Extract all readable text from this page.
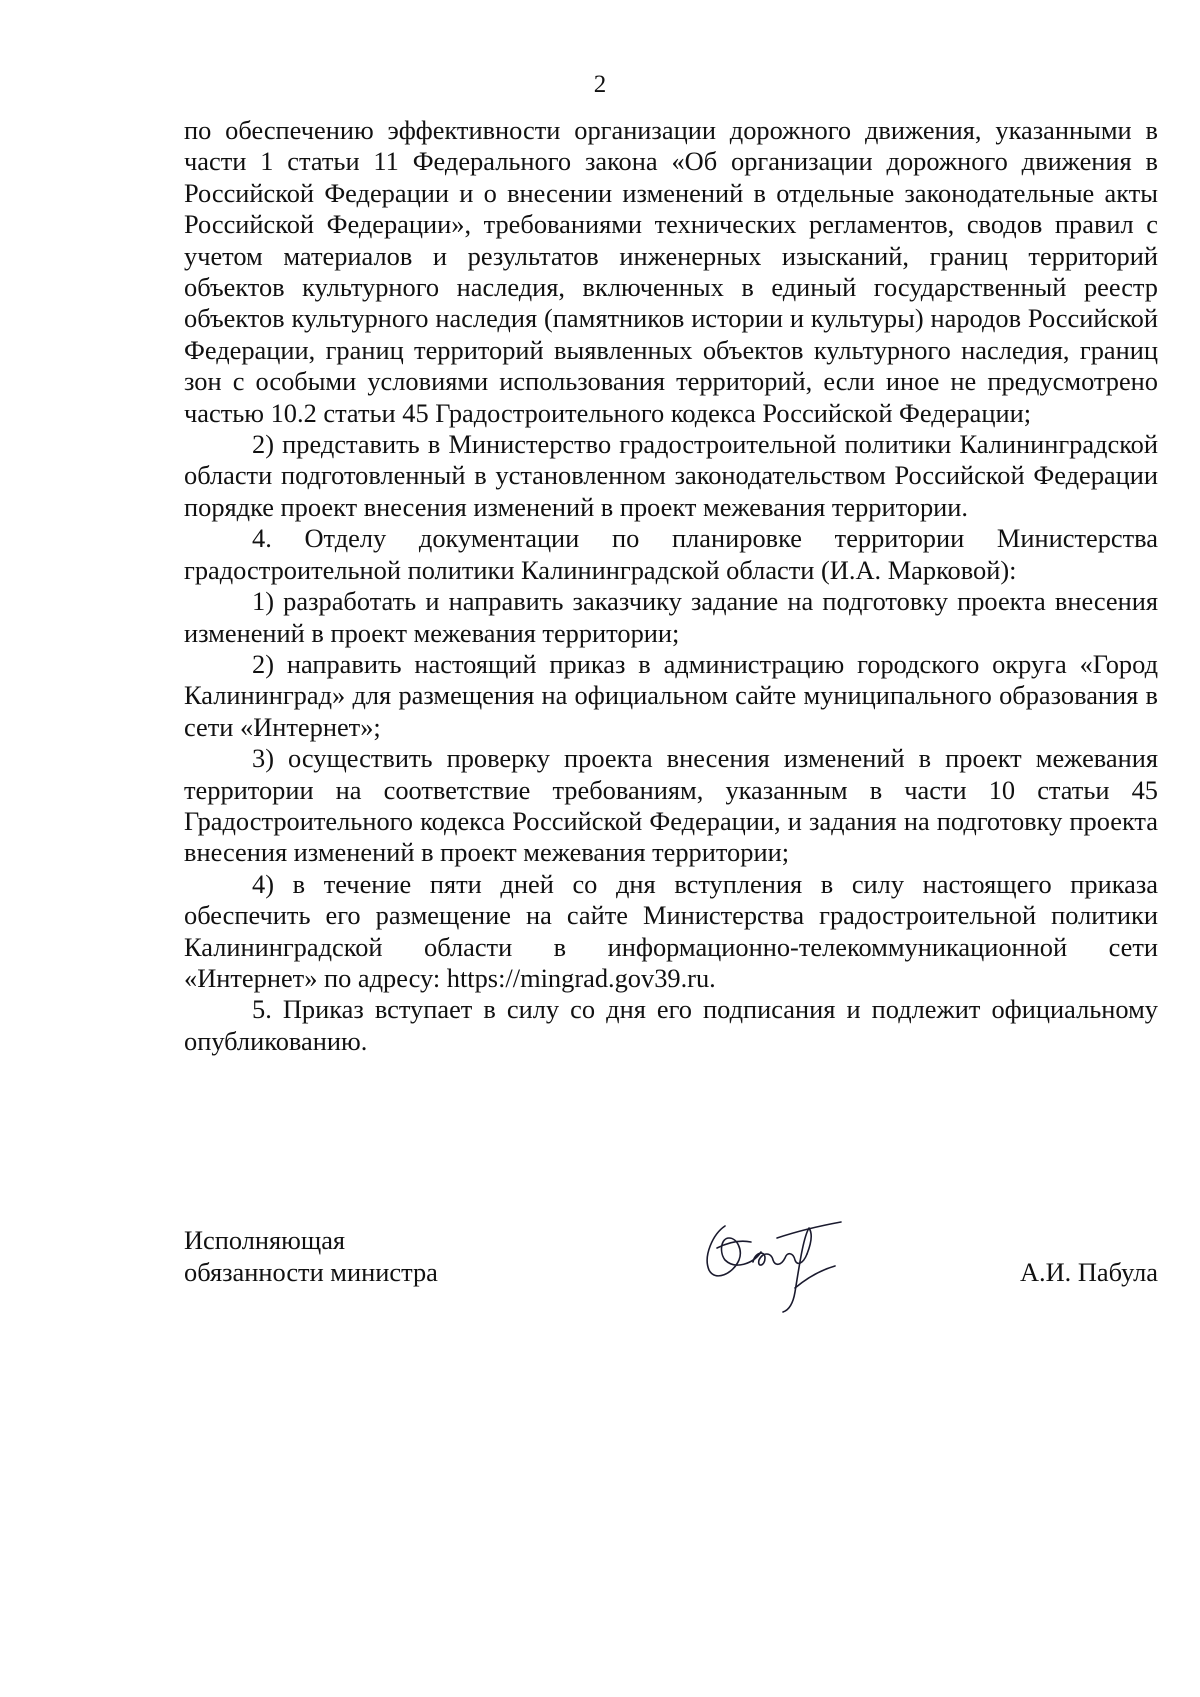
2

по обеспечению эффективности организации дорожного движения, указанными в части 1 статьи 11 Федерального закона «Об организации дорожного движения в Российской Федерации и о внесении изменений в отдельные законодательные акты Российской Федерации», требованиями технических регламентов, сводов правил с учетом материалов и результатов инженерных изысканий, границ территорий объектов культурного наследия, включенных в единый государственный реестр объектов культурного наследия (памятников истории и культуры) народов Российской Федерации, границ территорий выявленных объектов культурного наследия, границ зон с особыми условиями использования территорий, если иное не предусмотрено частью 10.2 статьи 45 Градостроительного кодекса Российской Федерации;

2) представить в Министерство градостроительной политики Калининградской области подготовленный в установленном законодательством Российской Федерации порядке проект внесения изменений в проект межевания территории.

4. Отделу документации по планировке территории Министерства градостроительной политики Калининградской области (И.А. Марковой):

1) разработать и направить заказчику задание на подготовку проекта внесения изменений в проект межевания территории;

2) направить настоящий приказ в администрацию городского округа «Город Калининград» для размещения на официальном сайте муниципального образования в сети «Интернет»;

3) осуществить проверку проекта внесения изменений в проект межевания территории на соответствие требованиям, указанным в части 10 статьи 45 Градостроительного кодекса Российской Федерации, и задания на подготовку проекта внесения изменений в проект межевания территории;

4) в течение пяти дней со дня вступления в силу настоящего приказа обеспечить его размещение на сайте Министерства градостроительной политики Калининградской области в информационно-телекоммуникационной сети «Интернет» по адресу: https://mingrad.gov39.ru.

5. Приказ вступает в силу со дня его подписания и подлежит официальному опубликованию.

Исполняющая
обязанности министра	А.И. Пабула
